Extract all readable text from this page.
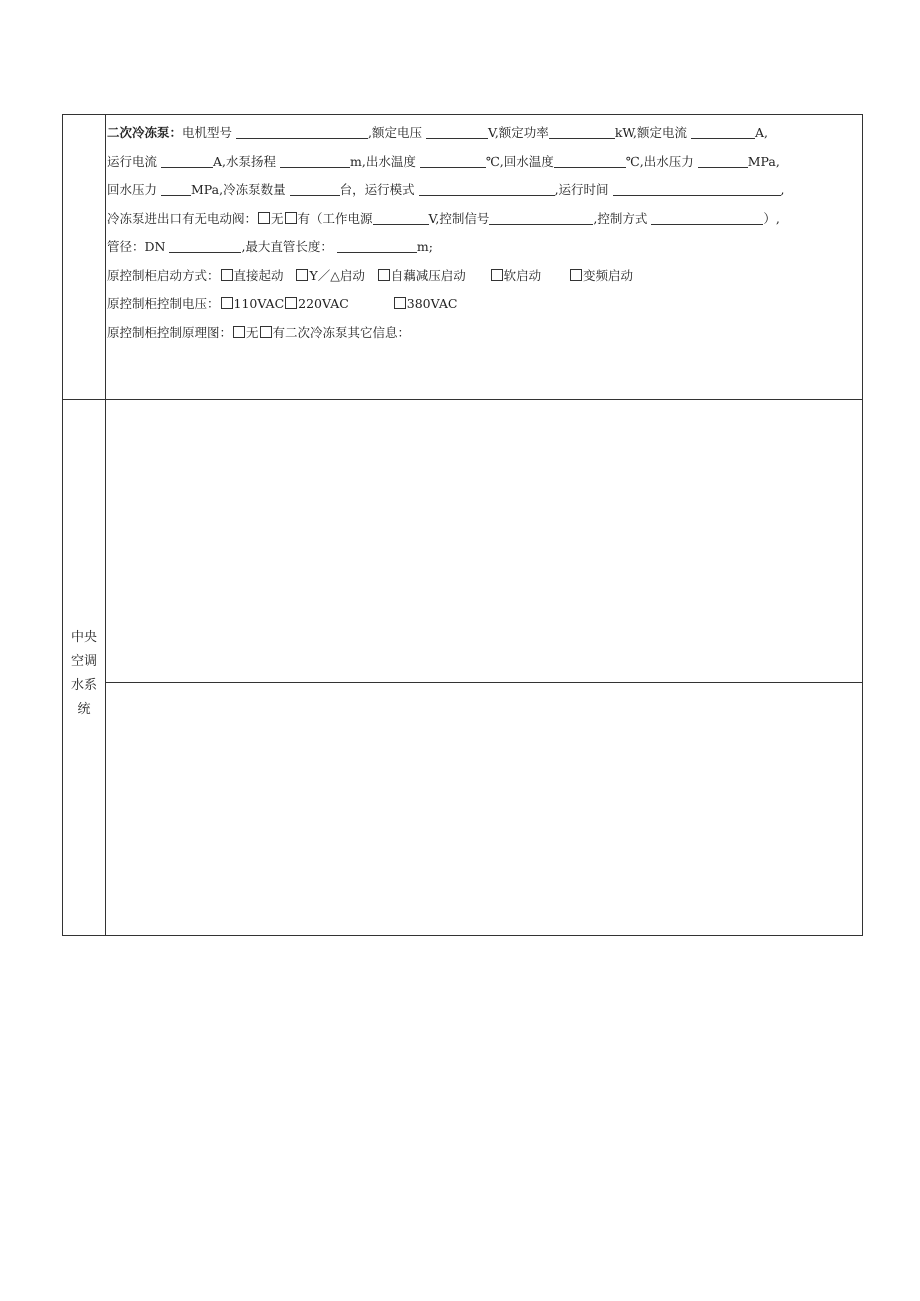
中央
空调
水系
统
二次冷冻泵：电机型号	,额定电压	V,额定功率	kW,额定电流	A,
运行电流	A,水泵扬程	m,出水温度	℃,回水温度	℃,出水压力	MPa,
回水压力	MPa,冷冻泵数量	台，运行模式	,运行时间	,
冷冻泵进出口有无电动阀： 无 有（工作电源	V,控制信号	,控制方式	）,
管径：DN	,最大直管长度：	m;
原控制柜启动方式： 直接起动 Y／△启动 自藕减压启动	软启动	变频启动
原控制柜控制电压： 110VAC 220VAC	380VAC
原控制柜控制原理图： 无 有二次冷冻泵其它信息：
